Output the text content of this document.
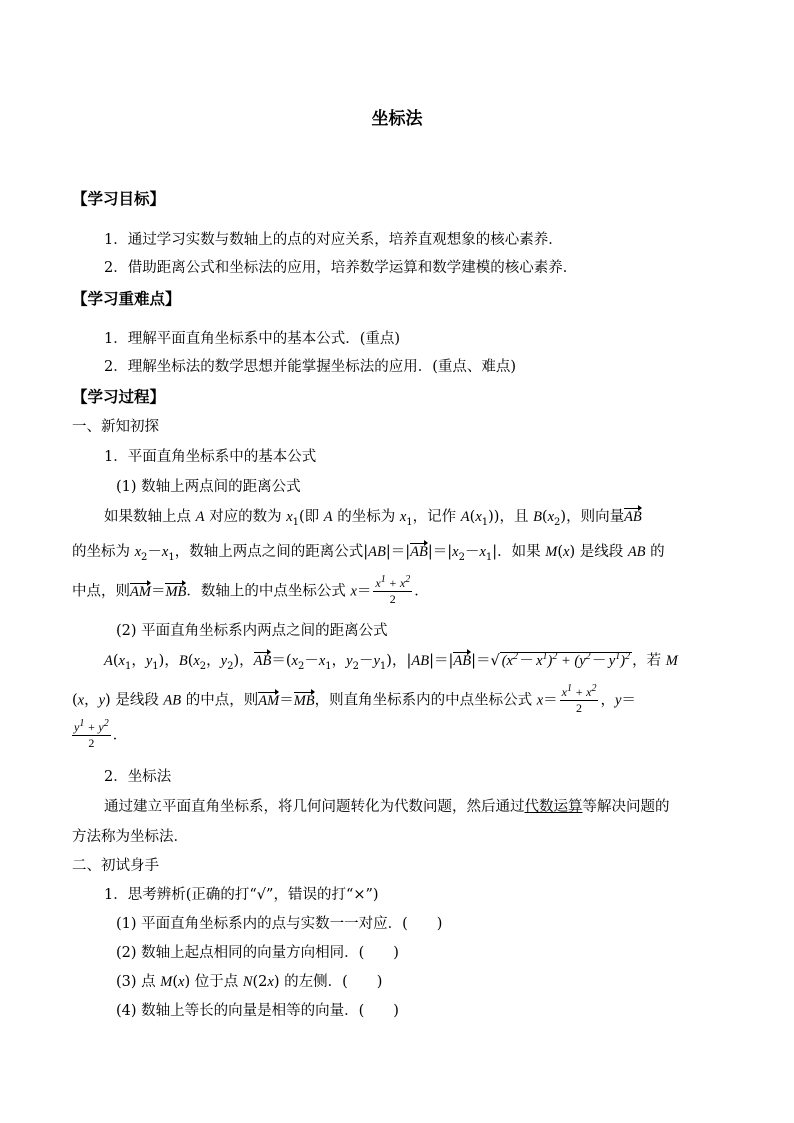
坐标法
【学习目标】
1．通过学习实数与数轴上的点的对应关系，培养直观想象的核心素养．
2．借助距离公式和坐标法的应用，培养数学运算和数学建模的核心素养．
【学习重难点】
1．理解平面直角坐标系中的基本公式．(重点)
2．理解坐标法的数学思想并能掌握坐标法的应用．(重点、难点)
【学习过程】
一、新知初探
1．平面直角坐标系中的基本公式
(1) 数轴上两点间的距离公式
如果数轴上点 A 对应的数为 $x_1$(即 A 的坐标为 $x_1$，记作 $A(x_1)$)，且 $B(x_2)$，则向量AB
的坐标为 $x_2-x_1$，数轴上两点之间的距离公式$|AB|=|AB|=|x_2-x_1|$．如果 M(x) 是线段 AB 的
中点，则AM＝MB．数轴上的中点坐标公式 $x= \frac{x^1 + x^2}{2}$ ．
(2) 平面直角坐标系内两点之间的距离公式
$A(x_1$，$y_1$)，$B(x_2$，$y_2$)，$AB=(x_2-x_1$，$y_2-y_1$)，|AB|＝|AB|＝√ $(x^2- x^1)^2 + (y^2- y^1)^2$ ，若 M
(x，y) 是线段 AB 的中点，则AM＝MB，则直角坐标系内的中点坐标公式 $x= \frac{x^1 + x^2}{2}$ ，y＝
$\frac{y^1 + y^2}{2}$ ．
2．坐标法
通过建立平面直角坐标系，将几何问题转化为代数问题，然后通过代数运算等解决问题的
方法称为坐标法．
二、初试身手
1．思考辨析(正确的打“√”，错误的打“×”)
(1) 平面直角坐标系内的点与实数一一对应．(　　)
(2) 数轴上起点相同的向量方向相同．(　　)
(3) 点 M(x) 位于点 N(2x) 的左侧．(　　)
(4) 数轴上等长的向量是相等的向量．(　　)
